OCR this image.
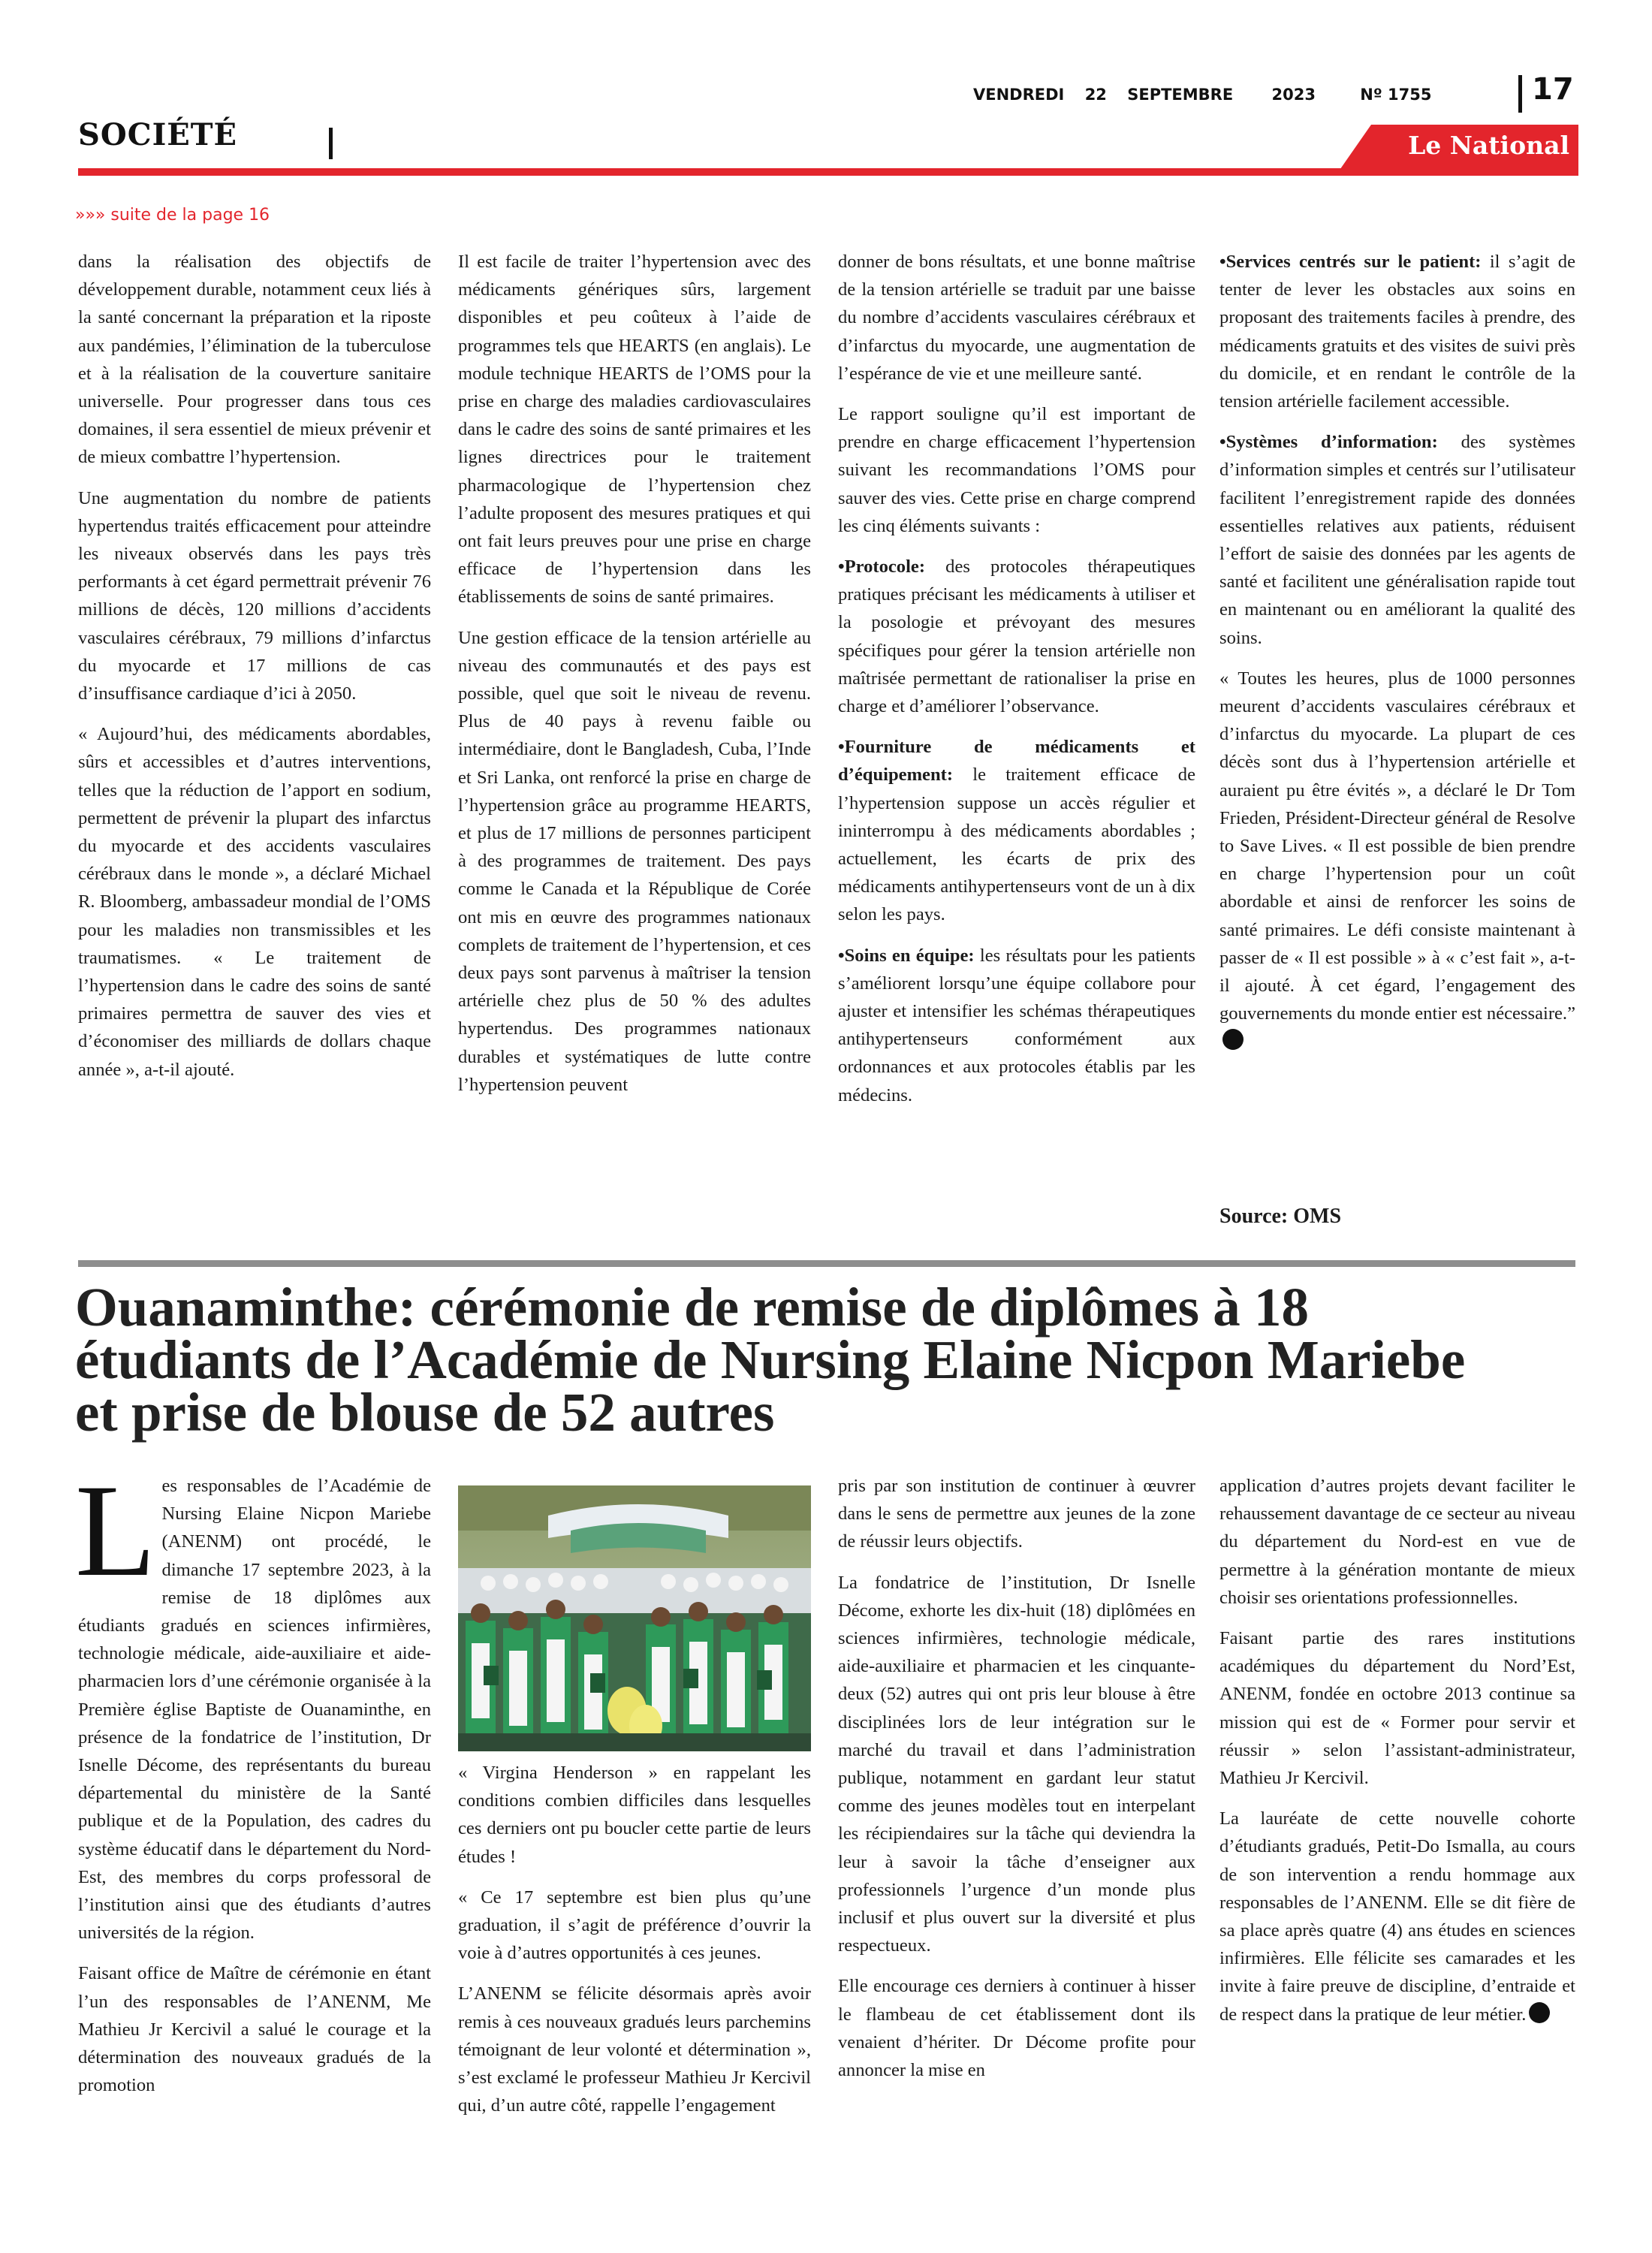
SOCIÉTÉ
VENDREDI 22 SEPTEMBRE 2023	Nº 1755	17
Le National
»»» suite de la page 16

dans la réalisation des objectifs de développement durable, notamment ceux liés à la santé concernant la préparation et la riposte aux pandémies, l’élimination de la tuberculose et à la réalisation de la couverture sanitaire universelle. Pour progresser dans tous ces domaines, il sera essentiel de mieux prévenir et de mieux combattre l’hypertension.

Une augmentation du nombre de patients hypertendus traités efficacement pour atteindre les niveaux observés dans les pays très performants à cet égard permettrait prévenir 76 millions de décès, 120 millions d’accidents vasculaires cérébraux, 79 millions d’infarctus du myocarde et 17 millions de cas d’insuffisance cardiaque d’ici à 2050.

« Aujourd’hui, des médicaments abordables, sûrs et accessibles et d’autres interventions, telles que la réduction de l’apport en sodium, permettent de prévenir la plupart des infarctus du myocarde et des accidents vasculaires cérébraux dans le monde », a déclaré Michael R. Bloomberg, ambassadeur mondial de l’OMS pour les maladies non transmissibles et les traumatismes. « Le traitement de l’hypertension dans le cadre des soins de santé primaires permettra de sauver des vies et d’économiser des milliards de dollars chaque année », a-t-il ajouté.

Il est facile de traiter l’hypertension avec des médicaments génériques sûrs, largement disponibles et peu coûteux à l’aide de programmes tels que HEARTS (en anglais). Le module technique HEARTS de l’OMS pour la prise en charge des maladies cardiovasculaires dans le cadre des soins de santé primaires et les lignes directrices pour le traitement pharmacologique de l’hypertension chez l’adulte proposent des mesures pratiques et qui ont fait leurs preuves pour une prise en charge efficace de l’hypertension dans les établissements de soins de santé primaires.

Une gestion efficace de la tension artérielle au niveau des communautés et des pays est possible, quel que soit le niveau de revenu. Plus de 40 pays à revenu faible ou intermédiaire, dont le Bangladesh, Cuba, l’Inde et Sri Lanka, ont renforcé la prise en charge de l’hypertension grâce au programme HEARTS, et plus de 17 millions de personnes participent à des programmes de traitement. Des pays comme le Canada et la République de Corée ont mis en œuvre des programmes nationaux complets de traitement de l’hypertension, et ces deux pays sont parvenus à maîtriser la tension artérielle chez plus de 50 % des adultes hypertendus. Des programmes nationaux durables et systématiques de lutte contre l’hypertension peuvent

donner de bons résultats, et une bonne maîtrise de la tension artérielle se traduit par une baisse du nombre d’accidents vasculaires cérébraux et d’infarctus du myocarde, une augmentation de l’espérance de vie et une meilleure santé.

Le rapport souligne qu’il est important de prendre en charge efficacement l’hypertension suivant les recommandations l’OMS pour sauver des vies. Cette prise en charge comprend les cinq éléments suivants :

•Protocole: des protocoles thérapeutiques pratiques précisant les médicaments à utiliser et la posologie et prévoyant des mesures spécifiques pour gérer la tension artérielle non maîtrisée permettant de rationaliser la prise en charge et d’améliorer l’observance.

•Fourniture de médicaments et d’équipement: le traitement efficace de l’hypertension suppose un accès régulier et ininterrompu à des médicaments abordables ; actuellement, les écarts de prix des médicaments antihypertenseurs vont de un à dix selon les pays.

•Soins en équipe: les résultats pour les patients s’améliorent lorsqu’une équipe collabore pour ajuster et intensifier les schémas thérapeutiques antihypertenseurs conformément aux ordonnances et aux protocoles établis par les médecins.

•Services centrés sur le patient: il s’agit de tenter de lever les obstacles aux soins en proposant des traitements faciles à prendre, des médicaments gratuits et des visites de suivi près du domicile, et en rendant le contrôle de la tension artérielle facilement accessible.

•Systèmes d’information: des systèmes d’information simples et centrés sur l’utilisateur facilitent l’enregistrement rapide des données essentielles relatives aux patients, réduisent l’effort de saisie des données par les agents de santé et facilitent une généralisation rapide tout en maintenant ou en améliorant la qualité des soins.

« Toutes les heures, plus de 1000 personnes meurent d’accidents vasculaires cérébraux et d’infarctus du myocarde. La plupart de ces décès sont dus à l’hypertension artérielle et auraient pu être évités », a déclaré le Dr Tom Frieden, Président-Directeur général de Resolve to Save Lives. « Il est possible de bien prendre en charge l’hypertension pour un coût abordable et ainsi de renforcer les soins de santé primaires. Le défi consiste maintenant à passer de « Il est possible » à « c’est fait », a-t-il ajouté. À cet égard, l’engagement des gouvernements du monde entier est nécessaire.”

Source: OMS
Ouanaminthe: cérémonie de remise de diplômes à 18
étudiants de l’Académie de Nursing Elaine Nicpon Mariebe
et prise de blouse de 52 autres

Les responsables de l’Académie de Nursing Elaine Nicpon Mariebe (ANENM) ont procédé, le dimanche 17 septembre 2023, à la remise de 18 diplômes aux étudiants gradués en sciences infirmières, technologie médicale, aide-auxiliaire et aide-pharmacien lors d’une cérémonie organisée à la Première église Baptiste de Ouanaminthe, en présence de la fondatrice de l’institution, Dr Isnelle Décome, des représentants du bureau départemental du ministère de la Santé publique et de la Population, des cadres du système éducatif dans le département du Nord-Est, des membres du corps professoral de l’institution ainsi que des étudiants d’autres universités de la région.

Faisant office de Maître de cérémonie en étant l’un des responsables de l’ANENM, Me Mathieu Jr Kercivil a salué le courage et la détermination des nouveaux gradués de la promotion

« Virgina Henderson » en rappelant les conditions combien difficiles dans lesquelles ces derniers ont pu boucler cette partie de leurs études !

« Ce 17 septembre est bien plus qu’une graduation, il s’agit de préférence d’ouvrir la voie à d’autres opportunités à ces jeunes.

L’ANENM se félicite désormais après avoir remis à ces nouveaux gradués leurs parchemins témoignant de leur volonté et détermination », s’est exclamé le professeur Mathieu Jr Kercivil qui, d’un autre côté, rappelle l’engagement

pris par son institution de continuer à œuvrer dans le sens de permettre aux jeunes de la zone de réussir leurs objectifs.

La fondatrice de l’institution, Dr Isnelle Décome, exhorte les dix-huit (18) diplômées en sciences infirmières, technologie médicale, aide-auxiliaire et pharmacien et les cinquante-deux (52) autres qui ont pris leur blouse à être disciplinées lors de leur intégration sur le marché du travail et dans l’administration publique, notamment en gardant leur statut comme des jeunes modèles tout en interpelant les récipiendaires sur la tâche qui deviendra la leur à savoir la tâche d’enseigner aux professionnels l’urgence d’un monde plus inclusif et plus ouvert sur la diversité et plus respectueux.

Elle encourage ces derniers à continuer à hisser le flambeau de cet établissement dont ils venaient d’hériter. Dr Décome profite pour annoncer la mise en

application d’autres projets devant faciliter le rehaussement davantage de ce secteur au niveau du département du Nord-est en vue de permettre à la génération montante de mieux choisir ses orientations professionnelles.

Faisant partie des rares institutions académiques du département du Nord’Est, ANENM, fondée en octobre 2013 continue sa mission qui est de « Former pour servir et réussir » selon l’assistant-administrateur, Mathieu Jr Kercivil.

La lauréate de cette nouvelle cohorte d’étudiants gradués, Petit-Do Ismalla, au cours de son intervention a rendu hommage aux responsables de l’ANENM. Elle se dit fière de sa place après quatre (4) ans études en sciences infirmières. Elle félicite ses camarades et les invite à faire preuve de discipline, d’entraide et de respect dans la pratique de leur métier.
